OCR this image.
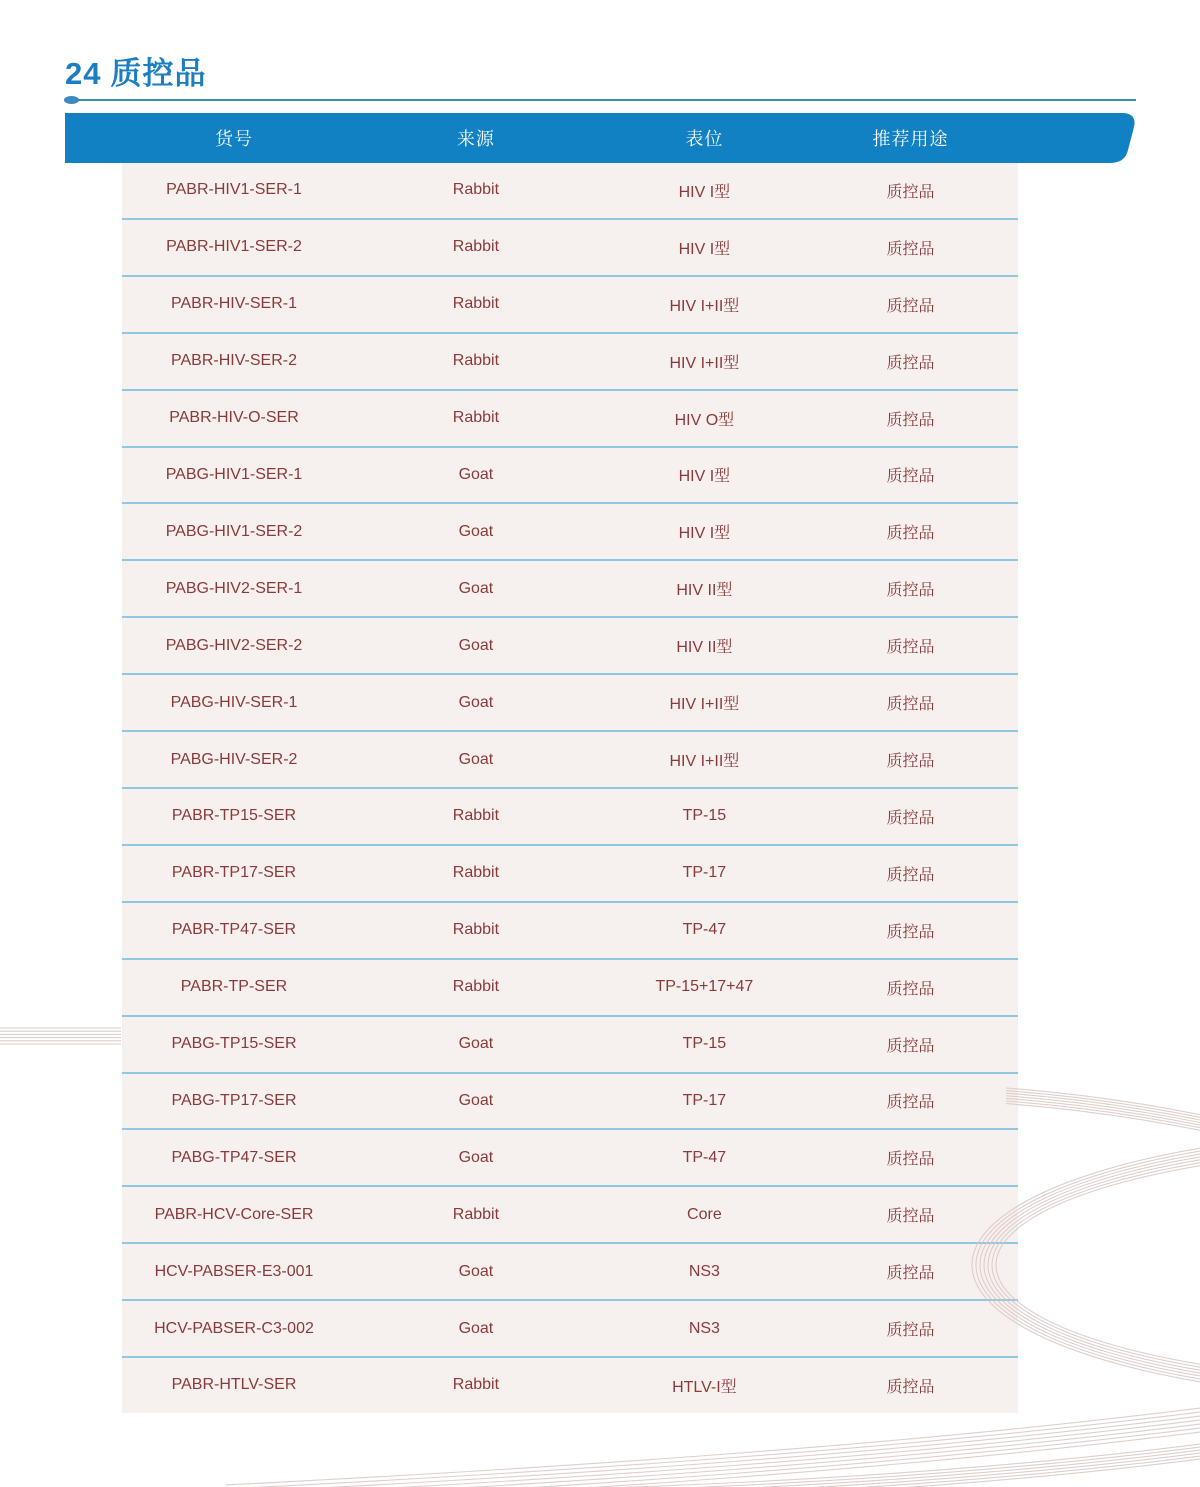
24 质控品
货号	来源	表位	推荐用途
PABR-HIV1-SER-1	Rabbit	HIV I型	质控品
PABR-HIV1-SER-2	Rabbit	HIV I型	质控品
PABR-HIV-SER-1	Rabbit	HIV I+II型	质控品
PABR-HIV-SER-2	Rabbit	HIV I+II型	质控品
PABR-HIV-O-SER	Rabbit	HIV O型	质控品
PABG-HIV1-SER-1	Goat	HIV I型	质控品
PABG-HIV1-SER-2	Goat	HIV I型	质控品
PABG-HIV2-SER-1	Goat	HIV II型	质控品
PABG-HIV2-SER-2	Goat	HIV II型	质控品
PABG-HIV-SER-1	Goat	HIV I+II型	质控品
PABG-HIV-SER-2	Goat	HIV I+II型	质控品
PABR-TP15-SER	Rabbit	TP-15	质控品
PABR-TP17-SER	Rabbit	TP-17	质控品
PABR-TP47-SER	Rabbit	TP-47	质控品
PABR-TP-SER	Rabbit	TP-15+17+47	质控品
PABG-TP15-SER	Goat	TP-15	质控品
PABG-TP17-SER	Goat	TP-17	质控品
PABG-TP47-SER	Goat	TP-47	质控品
PABR-HCV-Core-SER	Rabbit	Core	质控品
HCV-PABSER-E3-001	Goat	NS3	质控品
HCV-PABSER-C3-002	Goat	NS3	质控品
PABR-HTLV-SER	Rabbit	HTLV-I型	质控品
